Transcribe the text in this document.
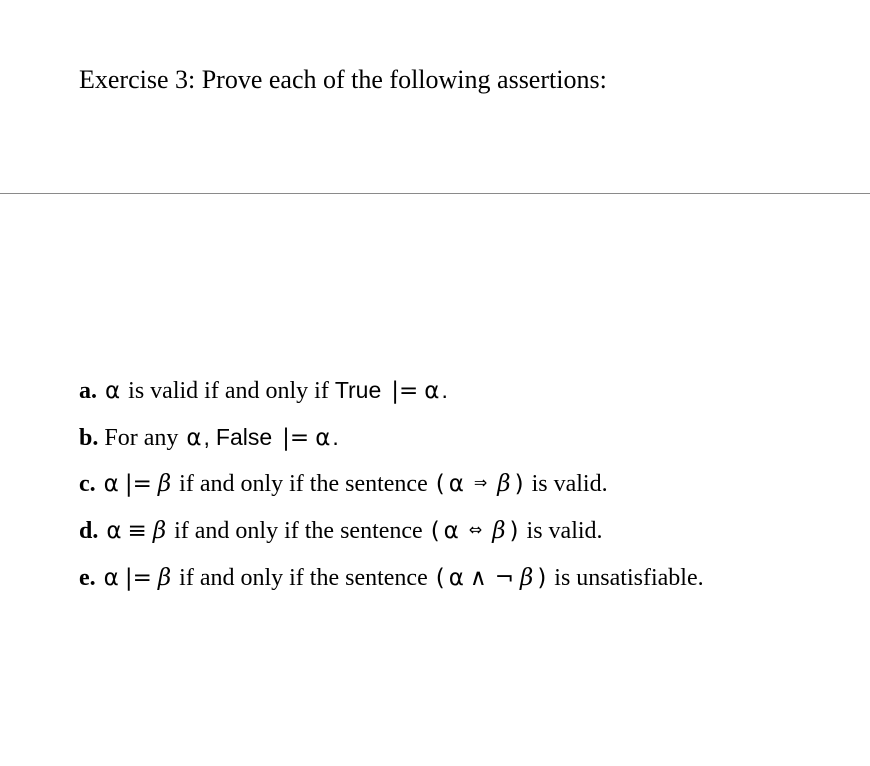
Exercise 3: Prove each of the following assertions:
a. α is valid if and only if True |= α.
b. For any α, False |= α.
c. α |= β if and only if the sentence ( α ⇒ β ) is valid.
d. α ≡ β if and only if the sentence ( α ⇔ β ) is valid.
e. α |= β if and only if the sentence ( α ∧ ¬ β ) is unsatisfiable.
